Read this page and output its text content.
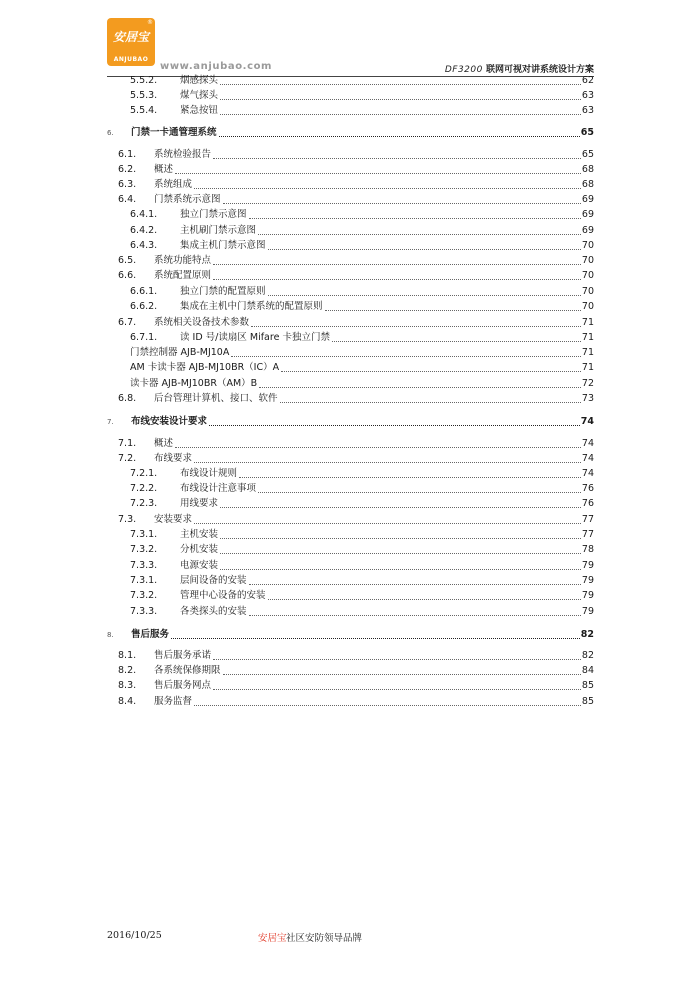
®
安居宝
ANJUBAO
www.anjubao.com	DF3200 联网可视对讲系统设计方案
5.5.2. 烟感探头	62
5.5.3. 煤气探头	63
5.5.4. 紧急按钮	63
6. 门禁一卡通管理系统	65
6.1. 系统检验报告	65
6.2. 概述	68
6.3. 系统组成	68
6.4. 门禁系统示意图	69
6.4.1. 独立门禁示意图	69
6.4.2. 主机刷门禁示意图	69
6.4.3. 集成主机门禁示意图	70
6.5. 系统功能特点	70
6.6. 系统配置原则	70
6.6.1. 独立门禁的配置原则	70
6.6.2. 集成在主机中门禁系统的配置原则	70
6.7. 系统相关设备技术参数	71
6.7.1. 读 ID 号/读扇区 Mifare 卡独立门禁	71
门禁控制器 AJB-MJ10A	71
AM 卡读卡器 AJB-MJ10BR（IC）A	71
读卡器 AJB-MJ10BR（AM）B	72
6.8. 后台管理计算机、接口、软件	73
7. 布线安装设计要求	74
7.1. 概述	74
7.2. 布线要求	74
7.2.1. 布线设计规则	74
7.2.2. 布线设计注意事项	76
7.2.3. 用线要求	76
7.3. 安装要求	77
7.3.1. 主机安装	77
7.3.2. 分机安装	78
7.3.3. 电源安装	79
7.3.1. 层间设备的安装	79
7.3.2. 管理中心设备的安装	79
7.3.3. 各类探头的安装	79
8. 售后服务	82
8.1. 售后服务承诺	82
8.2. 各系统保修期限	84
8.3. 售后服务网点	85
8.4. 服务监督	85
2016/10/25	安居宝 社区安防领导品牌
